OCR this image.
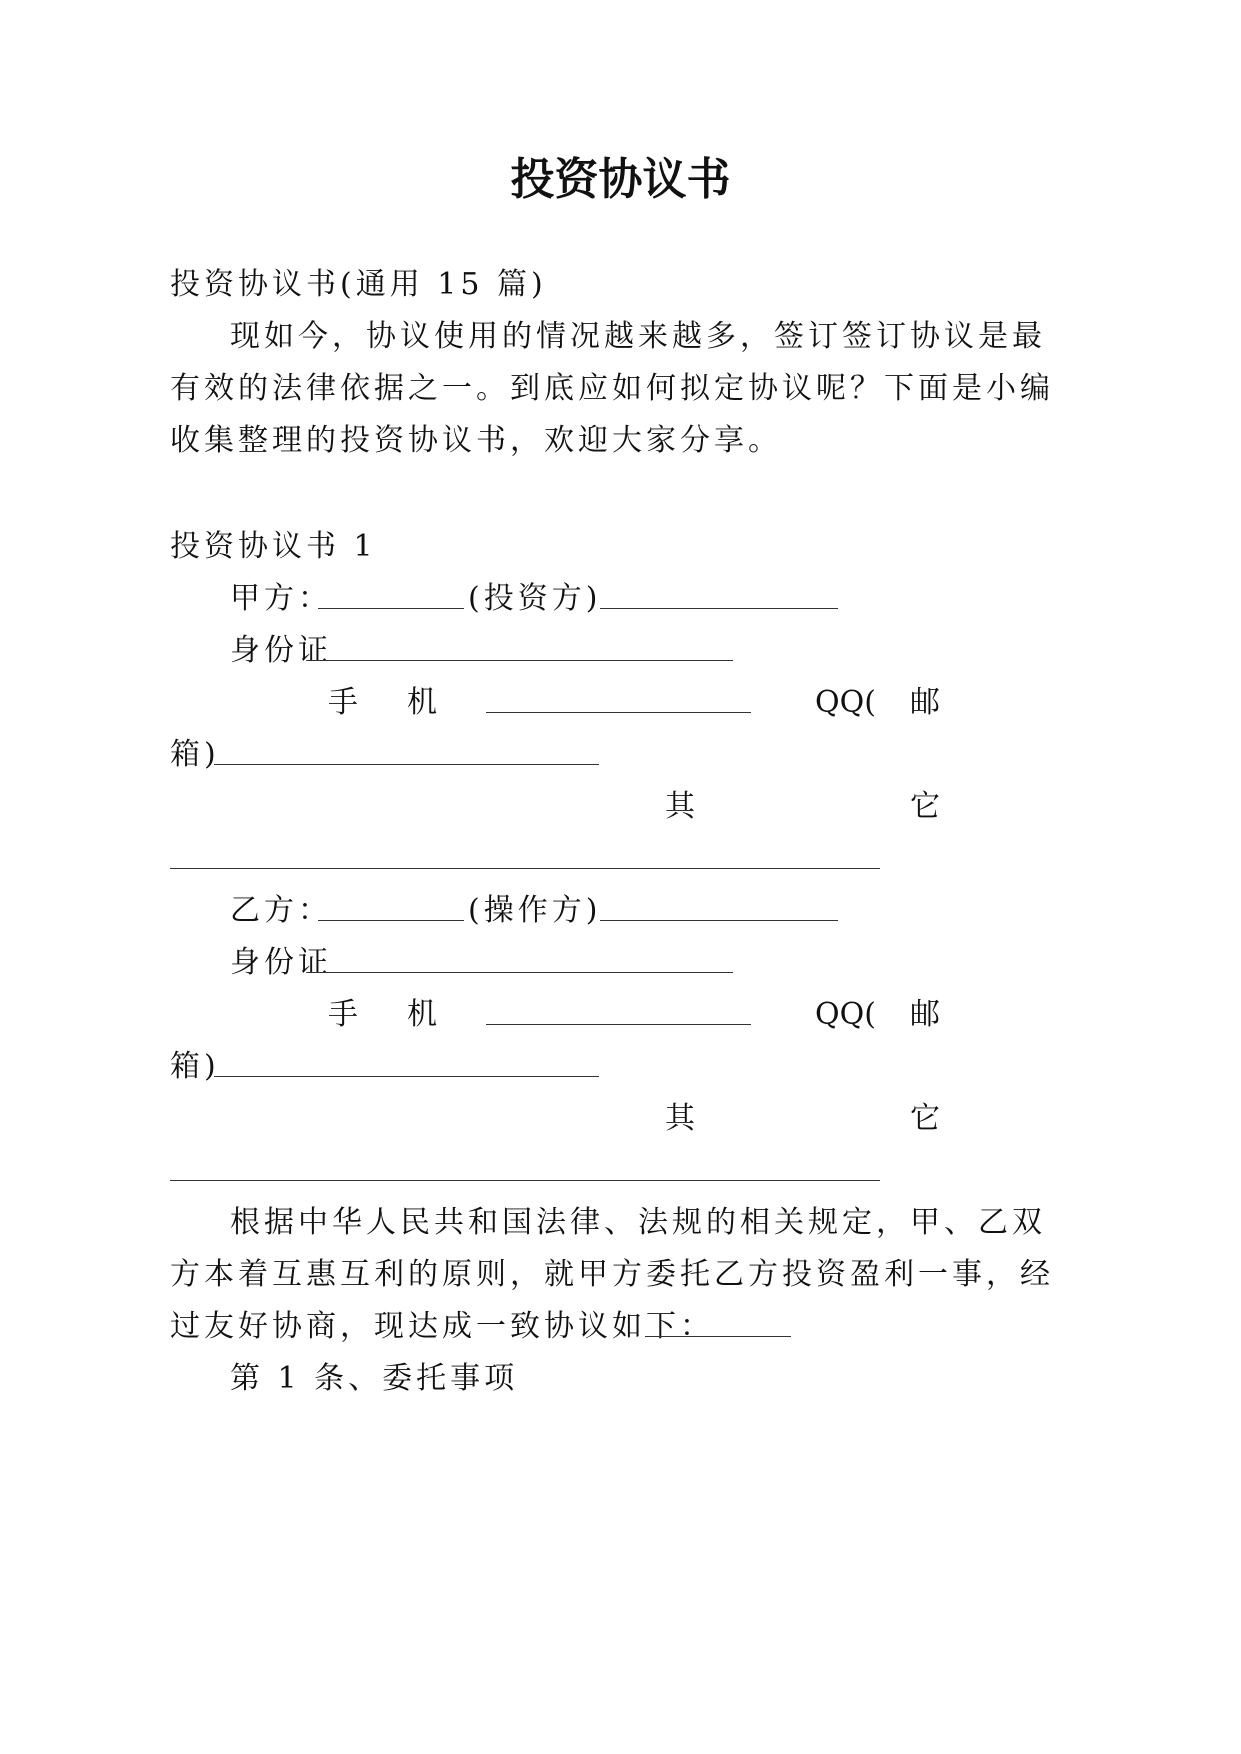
投资协议书
投资协议书(通用 15 篇)
现如今，协议使用的情况越来越多，签订签订协议是最
有效的法律依据之一。到底应如何拟定协议呢？下面是小编
收集整理的投资协议书，欢迎大家分享。
投资协议书 1
甲方：	(投资方)
身份证
手 机	QQ( 邮
箱)
其	它
乙方：	(操作方)
身份证
手 机	QQ( 邮
箱)
其	它
根据中华人民共和国法律、法规的相关规定，甲、乙双
方本着互惠互利的原则，就甲方委托乙方投资盈利一事，经
过友好协商，现达成一致协议如下：
第 1 条、委托事项
